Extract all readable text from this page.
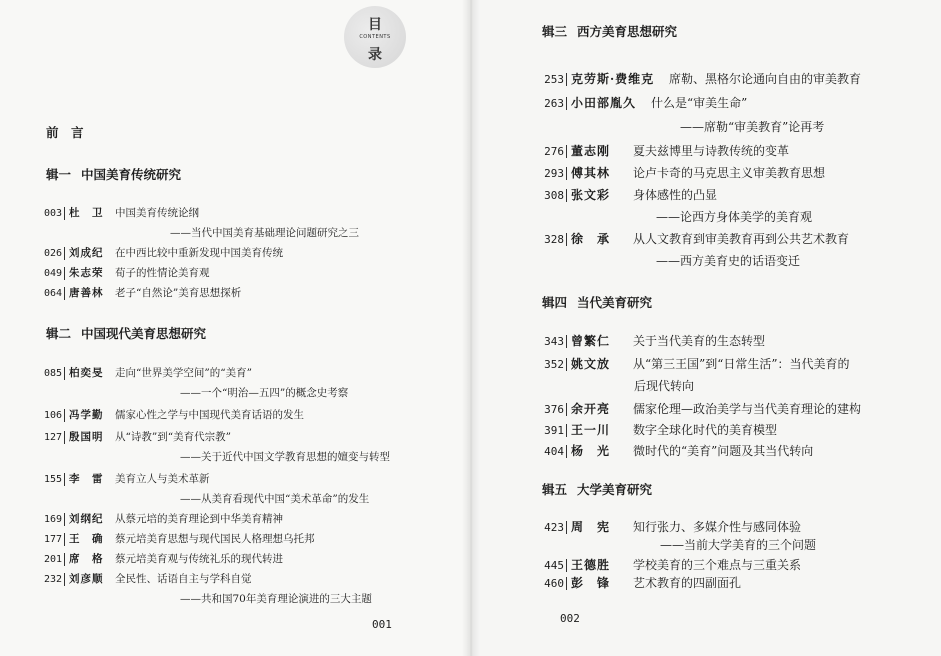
目
CONTENTS
录
前　言
辑一 中国美育传统研究
003 杜　卫 中国美育传统论纲
——当代中国美育基础理论问题研究之三
026 刘成纪 在中西比较中重新发现中国美育传统
049 朱志荣 荀子的性情论美育观
064 唐善林 老子“自然论”美育思想探析
辑二 中国现代美育思想研究
085 柏奕旻 走向“世界美学空间”的“美育”
——一个“明治—五四”的概念史考察
106 冯学勤 儒家心性之学与中国现代美育话语的发生
127 殷国明 从“诗教”到“美育代宗教”
——关于近代中国文学教育思想的嬗变与转型
155 李　雷 美育立人与美术革新
——从美育看现代中国“美术革命”的发生
169 刘纲纪 从蔡元培的美育理论到中华美育精神
177 王　确 蔡元培美育思想与现代国民人格理想乌托邦
201 席　格 蔡元培美育观与传统礼乐的现代转进
232 刘彦顺 全民性、话语自主与学科自觉
——共和国70年美育理论演进的三大主题
001
辑三 西方美育思想研究
253 克劳斯·费维克 席勒、黑格尔论通向自由的审美教育
263 小田部胤久 什么是“审美生命”
——席勒“审美教育”论再考
276 董志刚 夏夫兹博里与诗教传统的变革
293 傅其林 论卢卡奇的马克思主义审美教育思想
308 张文彩 身体感性的凸显
——论西方身体美学的美育观
328 徐　承 从人文教育到审美教育再到公共艺术教育
——西方美育史的话语变迁
辑四 当代美育研究
343 曾繁仁 关于当代美育的生态转型
352 姚文放 从“第三王国”到“日常生活”：当代美育的
后现代转向
376 余开亮 儒家伦理—政治美学与当代美育理论的建构
391 王一川 数字全球化时代的美育模型
404 杨　光 微时代的“美育”问题及其当代转向
辑五 大学美育研究
423 周　宪 知行张力、多媒介性与感同体验
——当前大学美育的三个问题
445 王德胜 学校美育的三个难点与三重关系
460 彭　锋 艺术教育的四副面孔
002
